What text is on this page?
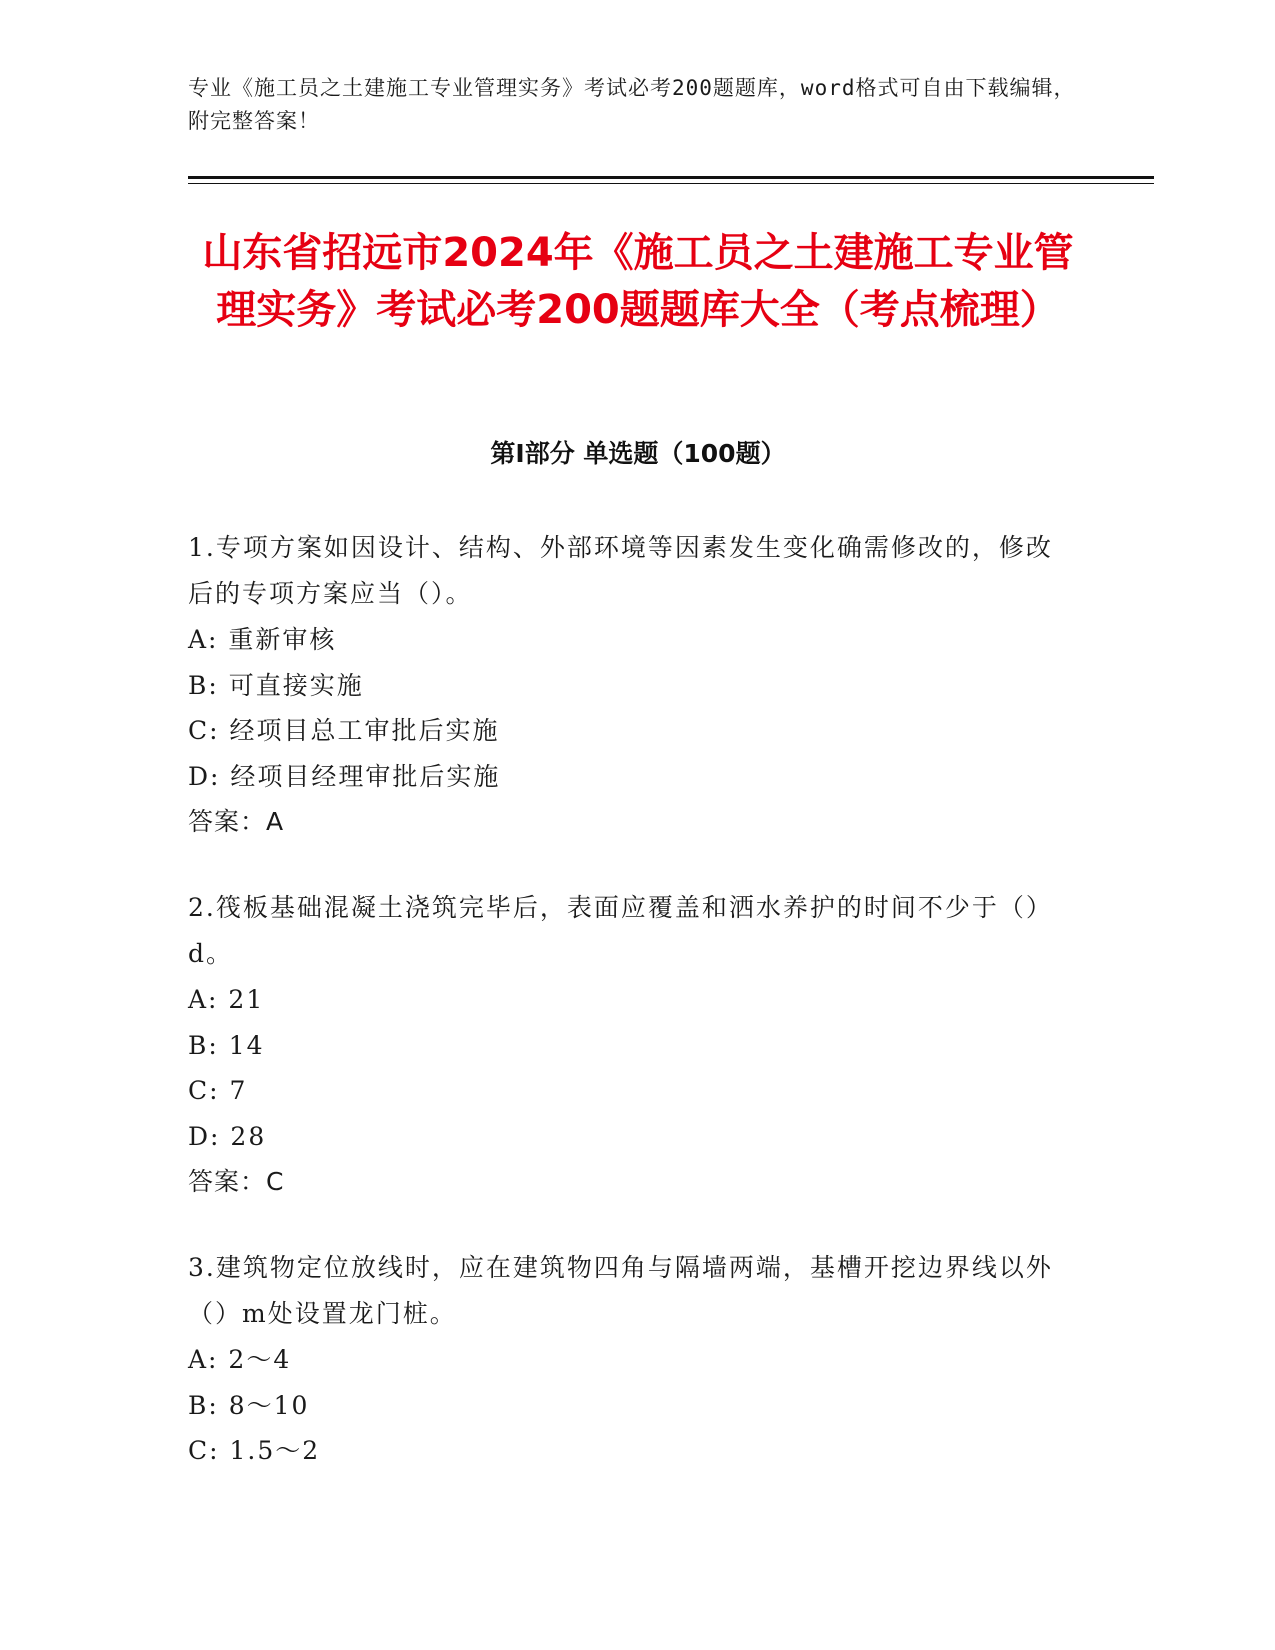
专业《施工员之土建施工专业管理实务》考试必考200题题库，word格式可自由下载编辑，附完整答案！
山东省招远市2024年《施工员之土建施工专业管理实务》考试必考200题题库大全（考点梳理）
第I部分 单选题（100题）
1.专项方案如因设计、结构、外部环境等因素发生变化确需修改的，修改后的专项方案应当（）。
A: 重新审核
B: 可直接实施
C: 经项目总工审批后实施
D: 经项目经理审批后实施
答案：A
2.筏板基础混凝土浇筑完毕后，表面应覆盖和洒水养护的时间不少于（）d。
A: 21
B: 14
C: 7
D: 28
答案：C
3.建筑物定位放线时，应在建筑物四角与隔墙两端，基槽开挖边界线以外（）m处设置龙门桩。
A: 2～4
B: 8～10
C: 1.5～2
